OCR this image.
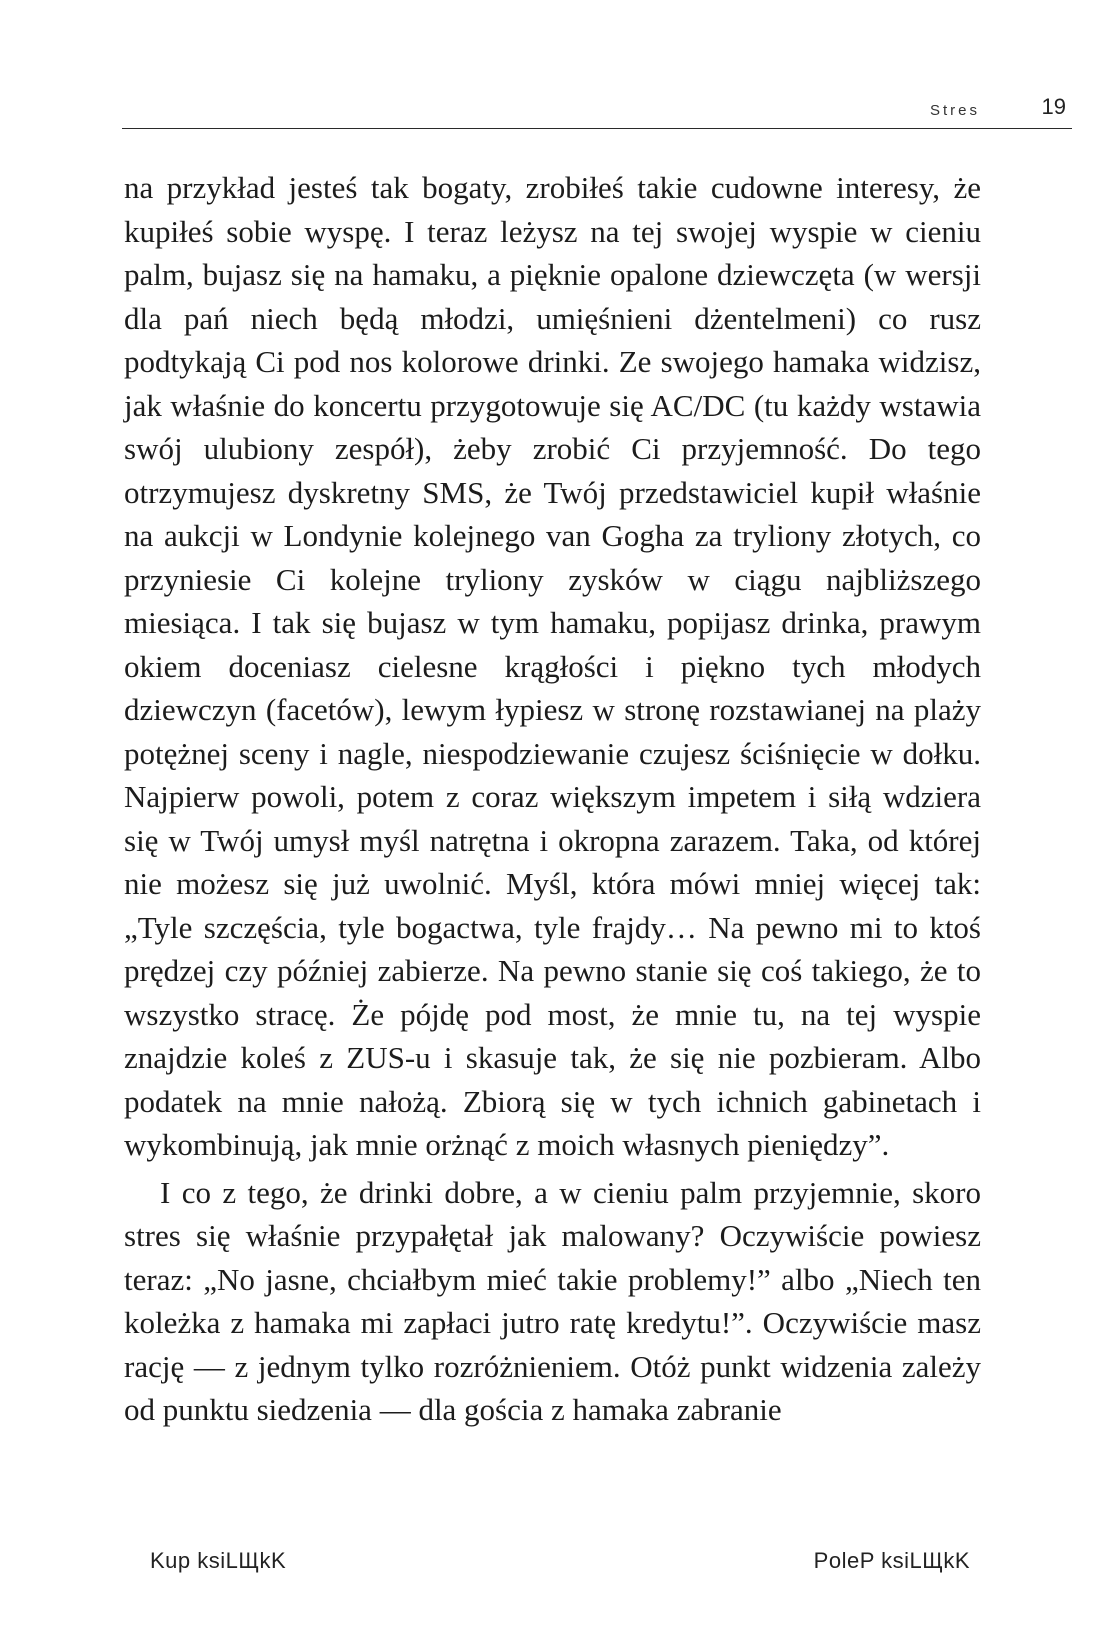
Stres	19

na przykład jesteś tak bogaty, zrobiłeś takie cudowne interesy, że kupiłeś sobie wyspę. I teraz leżysz na tej swojej wyspie w cieniu palm, bujasz się na hamaku, a pięknie opalone dziewczęta (w wersji dla pań niech będą młodzi, umięśnieni dżentelmeni) co rusz podtykają Ci pod nos kolorowe drinki. Ze swojego hamaka widzisz, jak właśnie do koncertu przygotowuje się AC/DC (tu każdy wstawia swój ulubiony zespół), żeby zrobić Ci przyjemność. Do tego otrzymujesz dyskretny SMS, że Twój przedstawiciel kupił właśnie na aukcji w Londynie kolejnego van Gogha za tryliony złotych, co przyniesie Ci kolejne tryliony zysków w ciągu najbliższego miesiąca. I tak się bujasz w tym hamaku, popijasz drinka, prawym okiem doceniasz cielesne krągłości i piękno tych młodych dziewczyn (facetów), lewym łypiesz w stronę rozstawianej na plaży potężnej sceny i nagle, niespodziewanie czujesz ściśnięcie w dołku. Najpierw powoli, potem z coraz większym impetem i siłą wdziera się w Twój umysł myśl natrętna i okropna zarazem. Taka, od której nie możesz się już uwolnić. Myśl, która mówi mniej więcej tak: „Tyle szczęścia, tyle bogactwa, tyle frajdy… Na pewno mi to ktoś prędzej czy później zabierze. Na pewno stanie się coś takiego, że to wszystko stracę. Że pójdę pod most, że mnie tu, na tej wyspie znajdzie koleś z ZUS-u i skasuje tak, że się nie pozbieram. Albo podatek na mnie nałożą. Zbiorą się w tych ichnich gabinetach i wykombinują, jak mnie orżnąć z moich własnych pieniędzy”.

I co z tego, że drinki dobre, a w cieniu palm przyjemnie, skoro stres się właśnie przypałętał jak malowany? Oczywiście powiesz teraz: „No jasne, chciałbym mieć takie problemy!” albo „Niech ten koleżka z hamaka mi zapłaci jutro ratę kredytu!”. Oczywiście masz rację — z jednym tylko rozróżnieniem. Otóż punkt widzenia zależy od punktu siedzenia — dla gościa z hamaka zabranie

Kup ksiLЩkK	PoleP ksiLЩkK
